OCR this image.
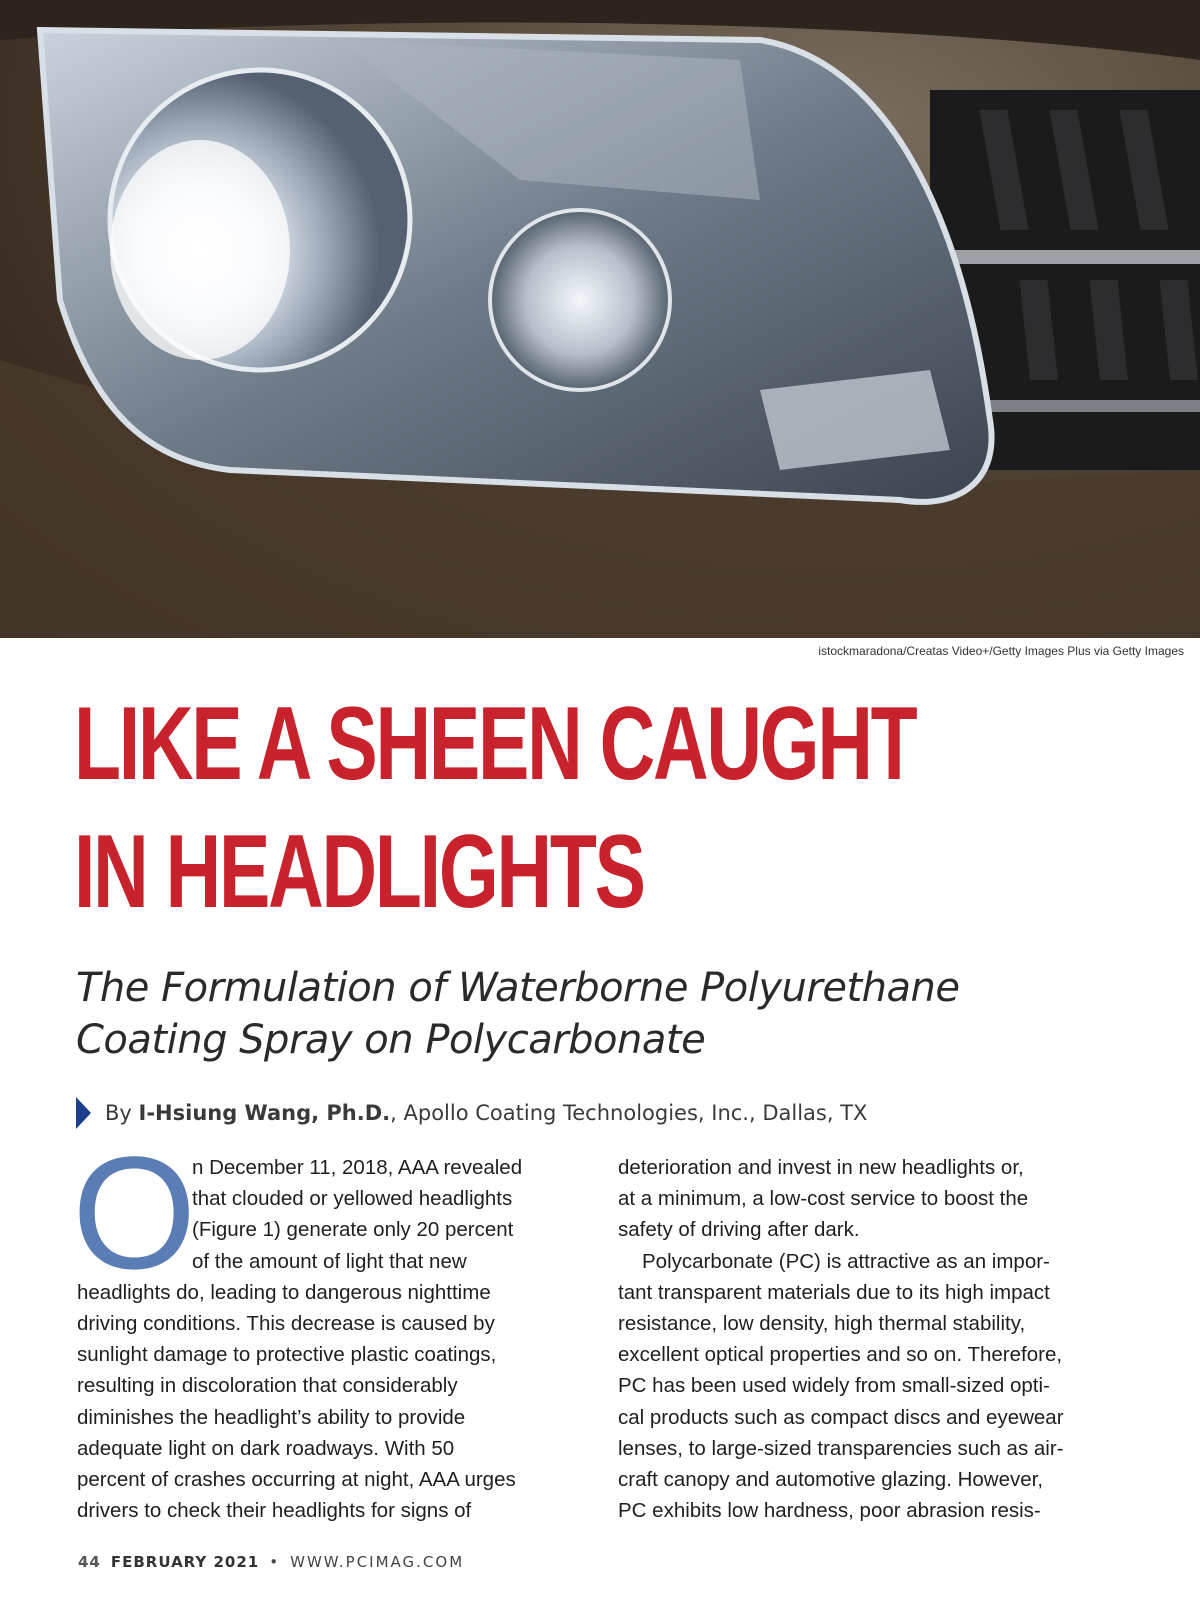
istockmaradona/Creatas Video+/Getty Images Plus via Getty Images
LIKE A SHEEN CAUGHT
IN HEADLIGHTS
The Formulation of Waterborne Polyurethane
Coating Spray on Polycarbonate
By I-Hsiung Wang, Ph.D. , Apollo Coating Technologies, Inc., Dallas, TX
O
n December 11, 2018, AAA revealed
that clouded or yellowed headlights
(Figure 1) generate only 20 percent
of the amount of light that new
headlights do, leading to dangerous nighttime
driving conditions. This decrease is caused by
sunlight damage to protective plastic coatings,
resulting in discoloration that considerably
diminishes the headlight’s ability to provide
adequate light on dark roadways. With 50
percent of crashes occurring at night, AAA urges
drivers to check their headlights for signs of
deterioration and invest in new headlights or,
at a minimum, a low-cost service to boost the
safety of driving after dark.
Polycarbonate (PC) is attractive as an impor-
tant transparent materials due to its high impact
resistance, low density, high thermal stability,
excellent optical properties and so on. Therefore,
PC has been used widely from small-sized opti-
cal products such as compact discs and eyewear
lenses, to large-sized transparencies such as air-
craft canopy and automotive glazing. However,
PC exhibits low hardness, poor abrasion resis-
44 FEBRUARY 2021 • WWW.PCIMAG.COM
